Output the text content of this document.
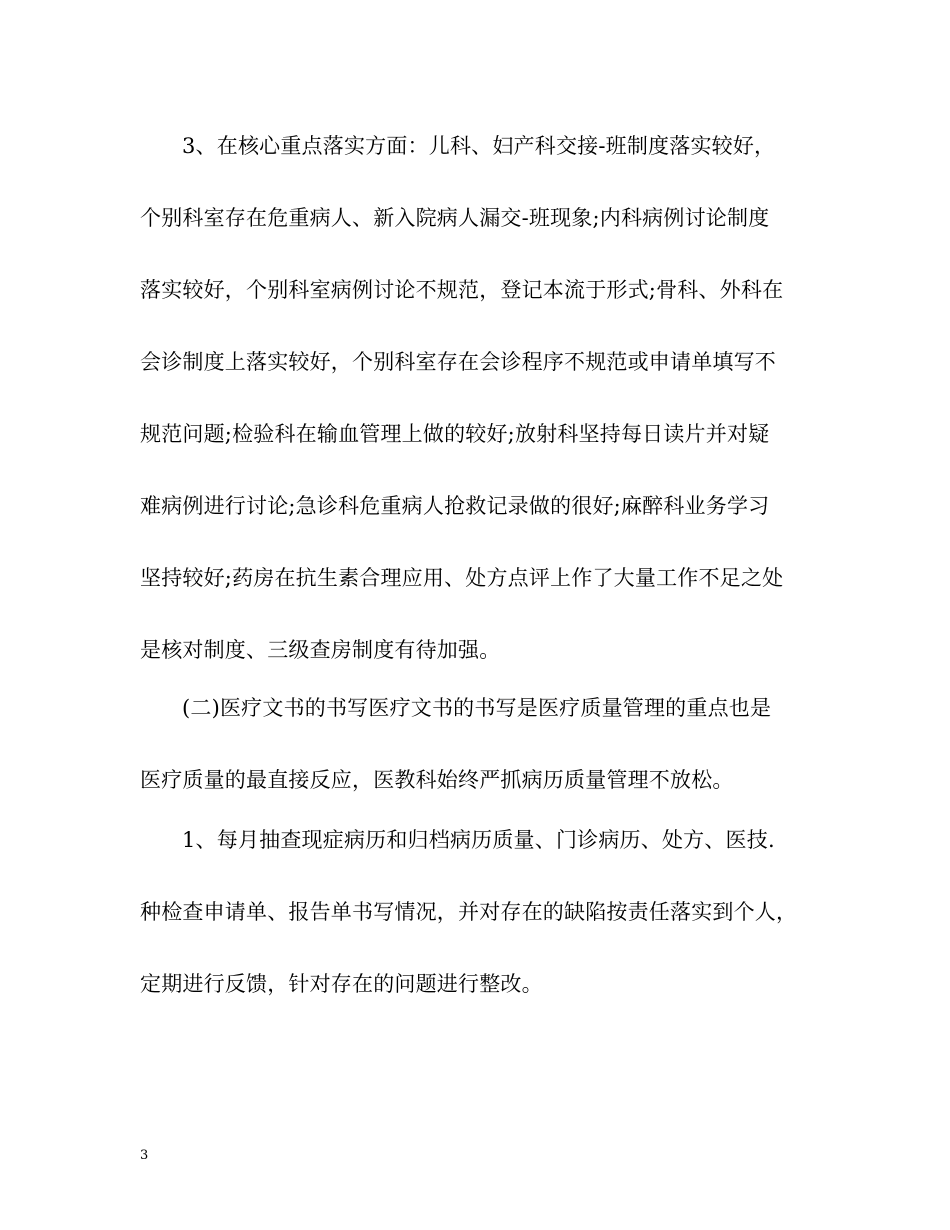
3、在核心重点落实方面：儿科、妇产科交接-班制度落实较好，
个别科室存在危重病人、新入院病人漏交-班现象;内科病例讨论制度
落实较好，个别科室病例讨论不规范，登记本流于形式;骨科、外科在
会诊制度上落实较好，个别科室存在会诊程序不规范或申请单填写不
规范问题;检验科在输血管理上做的较好;放射科坚持每日读片并对疑
难病例进行讨论;急诊科危重病人抢救记录做的很好;麻醉科业务学习
坚持较好;药房在抗生素合理应用、处方点评上作了大量工作不足之处
是核对制度、三级查房制度有待加强。
(二)医疗文书的书写医疗文书的书写是医疗质量管理的重点也是
医疗质量的最直接反应，医教科始终严抓病历质量管理不放松。
1、每月抽查现症病历和归档病历质量、门诊病历、处方、医技.
种检查申请单、报告单书写情况，并对存在的缺陷按责任落实到个人，
定期进行反馈，针对存在的问题进行整改。
3
